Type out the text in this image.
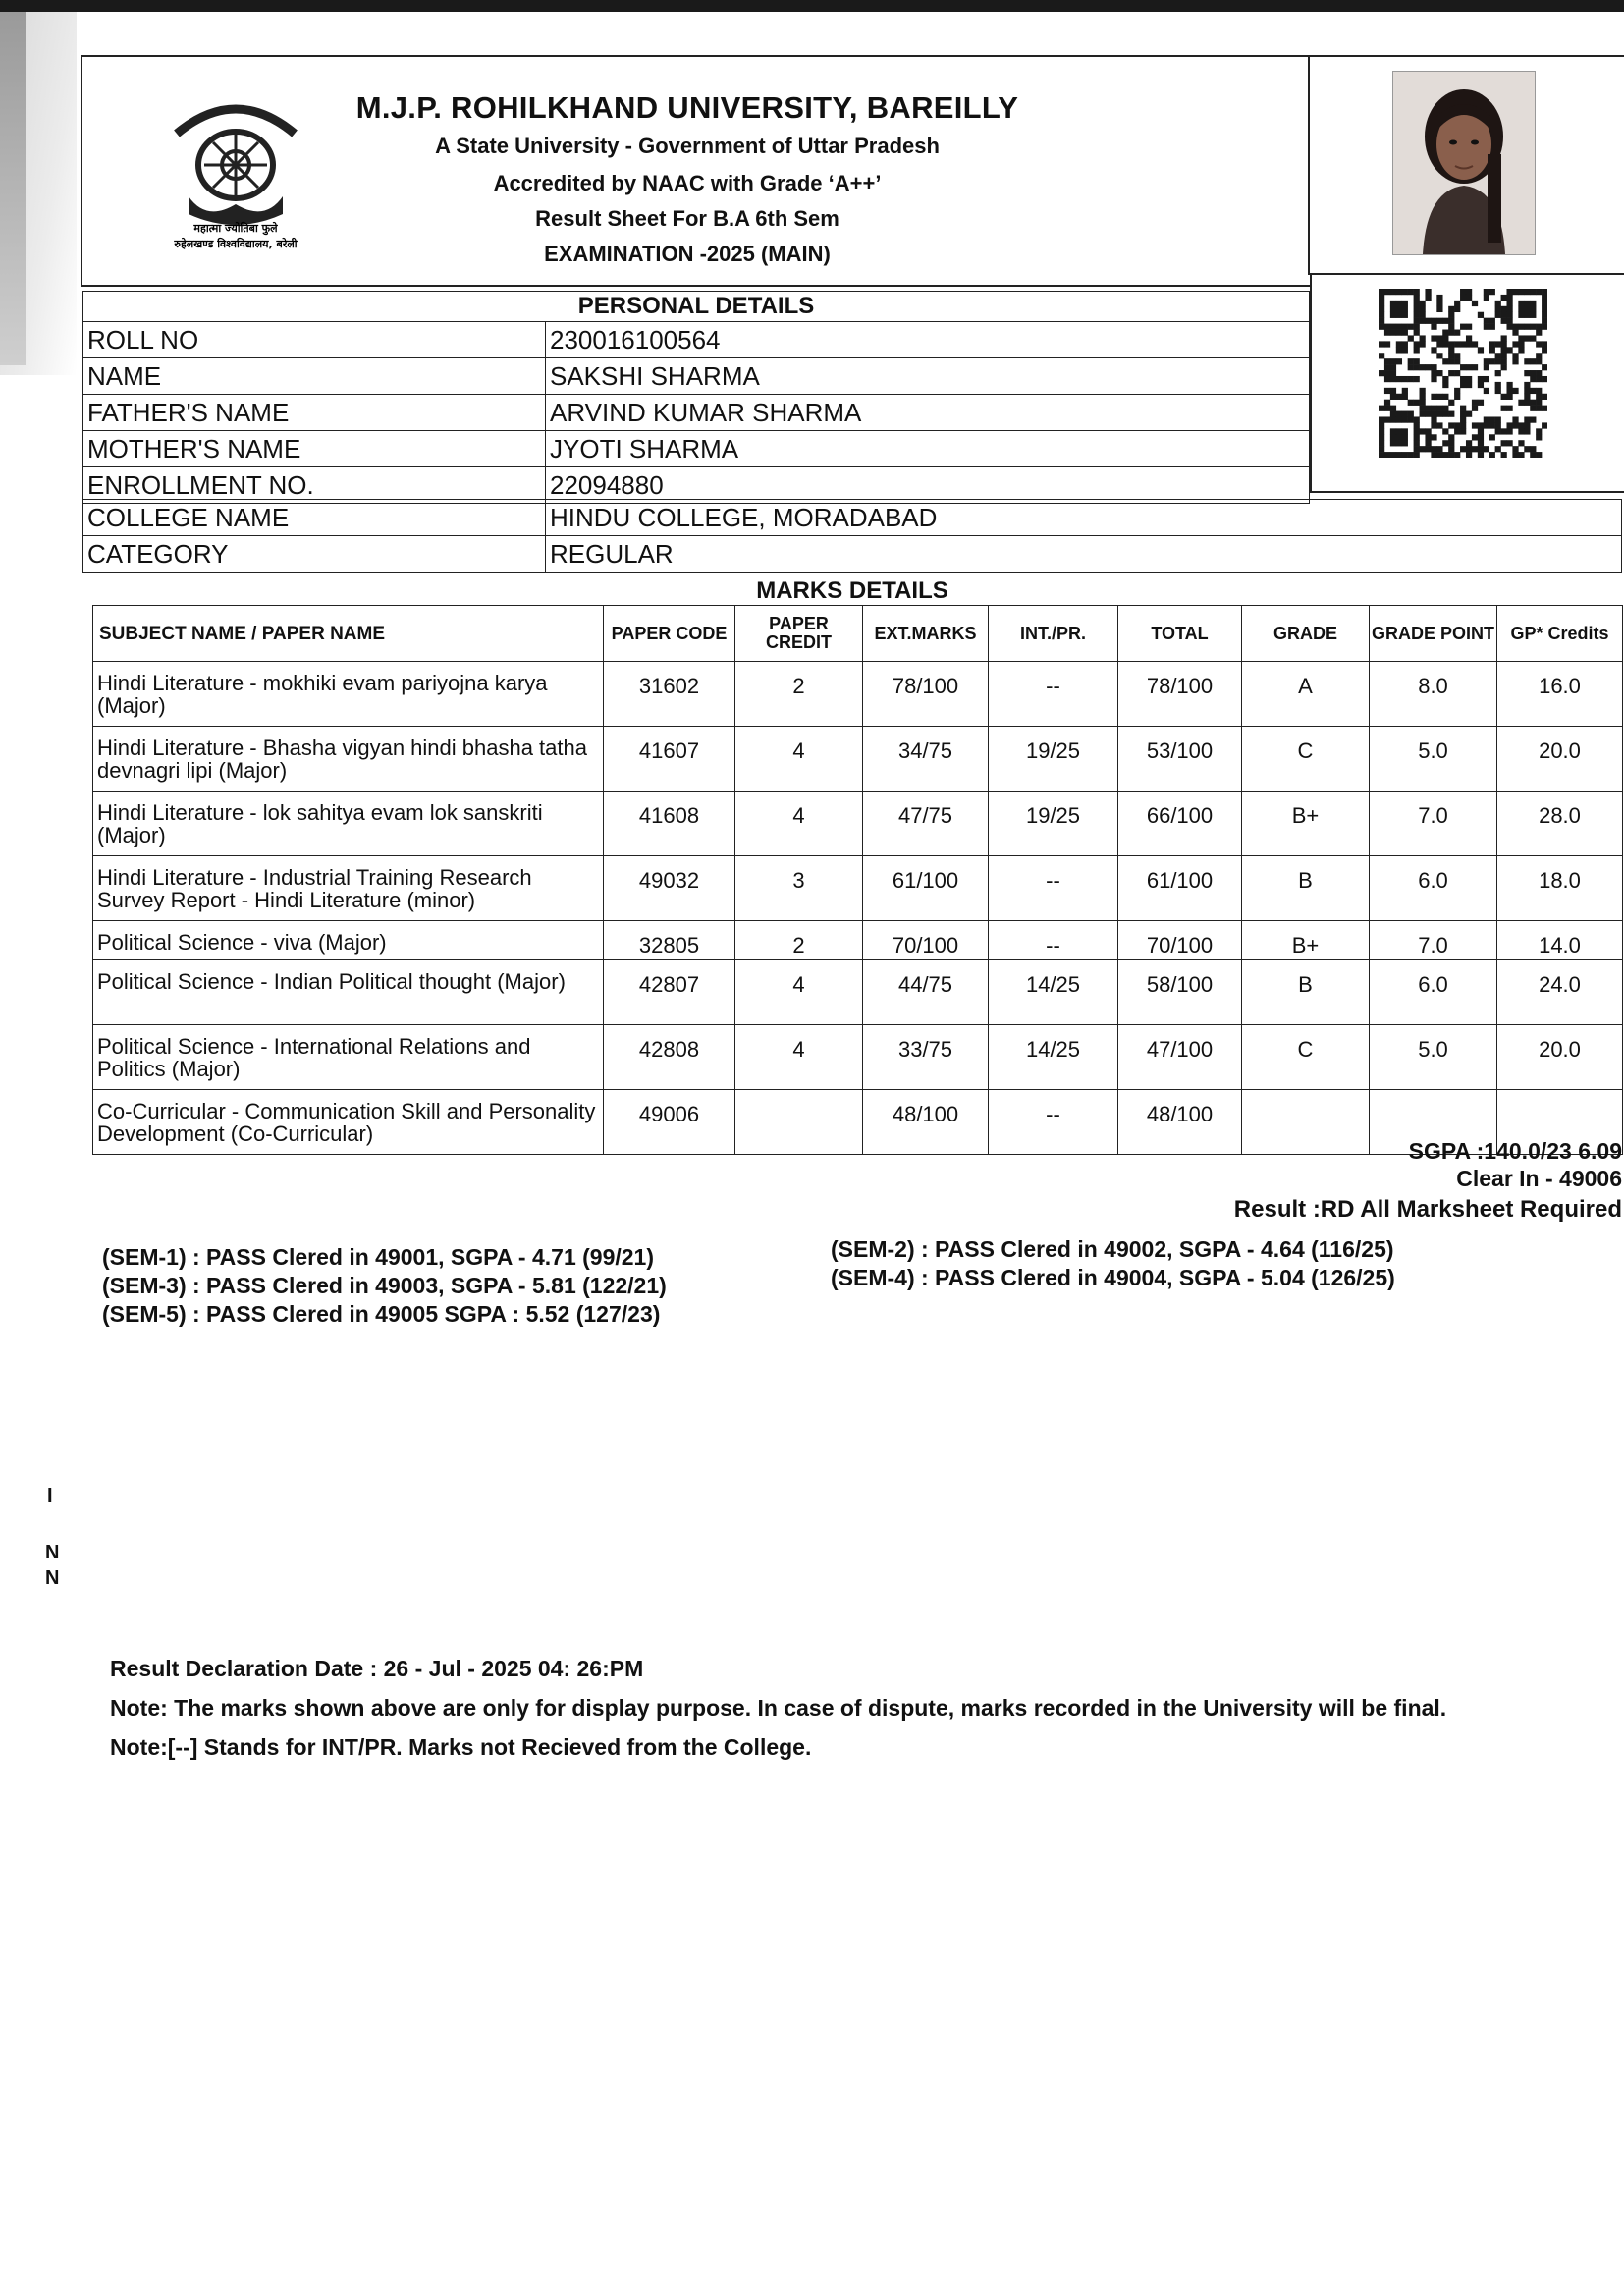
महात्मा ज्योतिबा फुले
रुहेलखण्ड विश्वविद्यालय, बरेली
M.J.P. ROHILKHAND UNIVERSITY, BAREILLY
A State University - Government of Uttar Pradesh
Accredited by NAAC with Grade ‘A++’
Result Sheet For B.A 6th Sem
EXAMINATION -2025 (MAIN)
PERSONAL DETAILS	
ROLL NO	230016100564
NAME	SAKSHI SHARMA
FATHER'S NAME	ARVIND KUMAR SHARMA
MOTHER'S NAME	JYOTI SHARMA
ENROLLMENT NO.	22094880
COLLEGE NAME	HINDU COLLEGE, MORADABAD
CATEGORY	REGULAR
MARKS DETAILS
SUBJECT NAME / PAPER NAME	PAPER CODE	PAPER CREDIT	EXT.MARKS	INT./PR.	TOTAL	GRADE	GRADE POINT	GP* Credits
Hindi Literature - mokhiki evam pariyojna karya (Major)	31602	2	78/100	--	78/100	A	8.0	16.0
Hindi Literature - Bhasha vigyan hindi bhasha tatha devnagri lipi (Major)	41607	4	34/75	19/25	53/100	C	5.0	20.0
Hindi Literature - lok sahitya evam lok sanskriti (Major)	41608	4	47/75	19/25	66/100	B+	7.0	28.0
Hindi Literature - Industrial Training Research Survey Report - Hindi Literature (minor)	49032	3	61/100	--	61/100	B	6.0	18.0
Political Science - viva (Major)	32805	2	70/100	--	70/100	B+	7.0	14.0
Political Science - Indian Political thought (Major)	42807	4	44/75	14/25	58/100	B	6.0	24.0
Political Science - International Relations and Politics (Major)	42808	4	33/75	14/25	47/100	C	5.0	20.0
Co-Curricular - Communication Skill and Personality Development (Co-Curricular)	49006		48/100	--	48/100			
SGPA :140.0/23 6.09
Clear In - 49006
Result :RD All Marksheet Required
(SEM-1) : PASS Clered in 49001, SGPA - 4.71 (99/21)
(SEM-3) : PASS Clered in 49003, SGPA - 5.81 (122/21)
(SEM-5) : PASS Clered in 49005 SGPA : 5.52 (127/23)
(SEM-2) : PASS Clered in 49002, SGPA - 4.64 (116/25)
(SEM-4) : PASS Clered in 49004, SGPA - 5.04 (126/25)
I
N
N
Result Declaration Date : 26 - Jul - 2025 04: 26:PM
Note: The marks shown above are only for display purpose. In case of dispute, marks recorded in the University will be final.
Note:[--] Stands for INT/PR. Marks not Recieved from the College.
